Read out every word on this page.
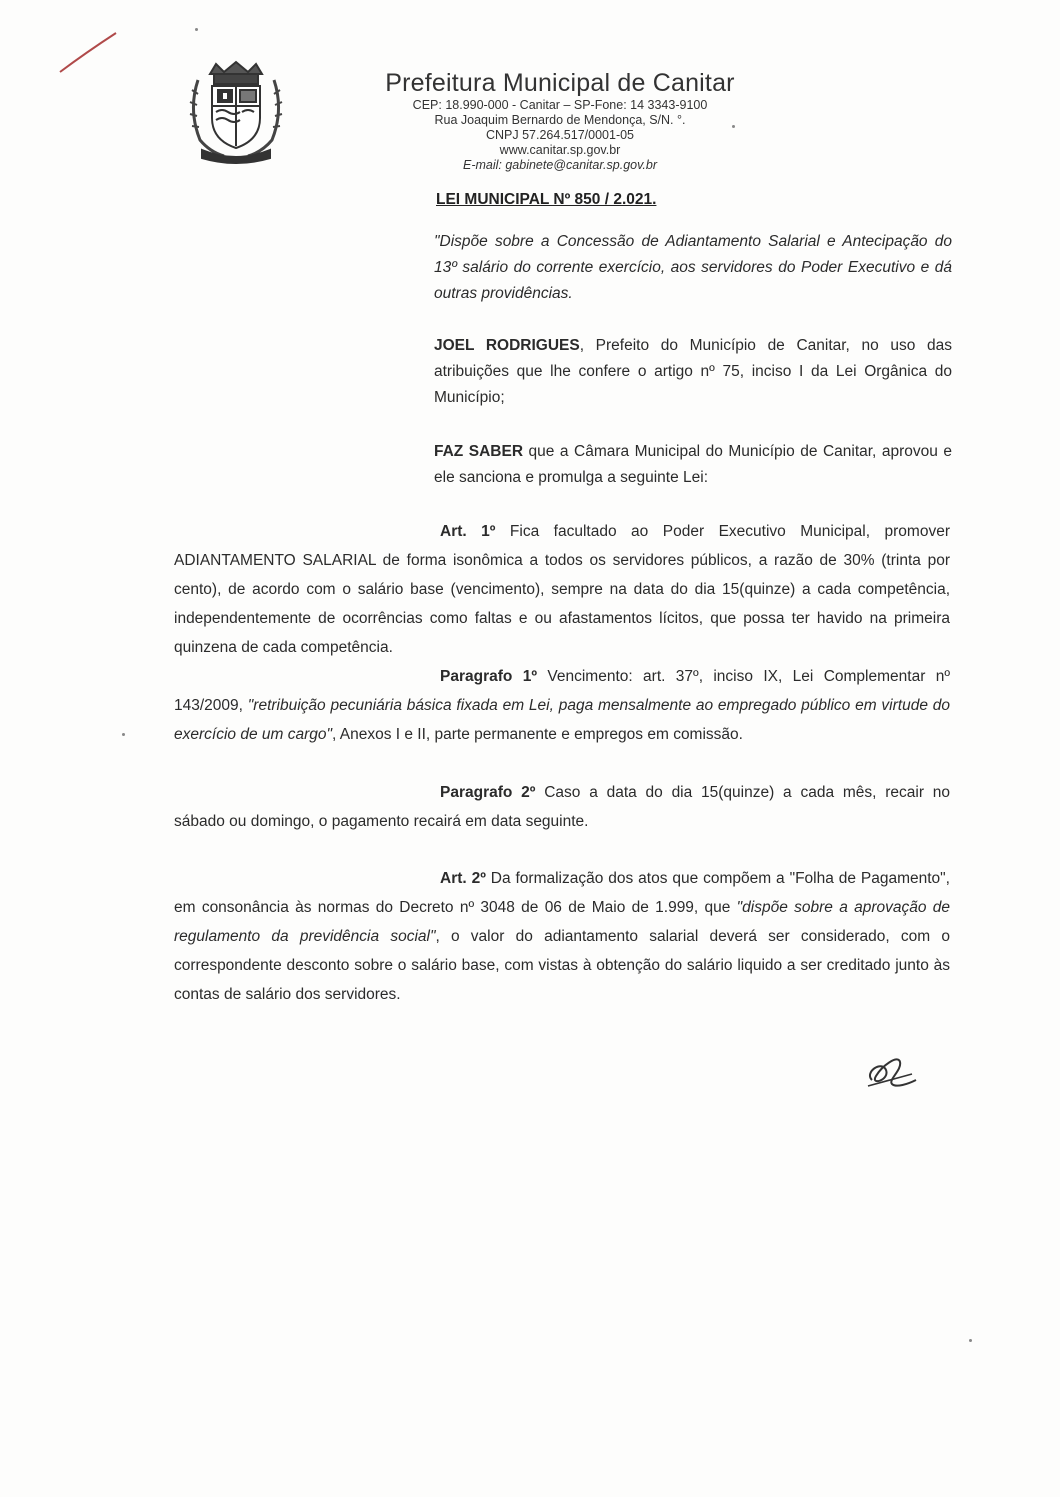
Prefeitura Municipal de Canitar
CEP: 18.990-000 - Canitar – SP-Fone: 14 3343-9100
Rua Joaquim Bernardo de Mendonça, S/N. °.
CNPJ 57.264.517/0001-05
www.canitar.sp.gov.br
E-mail: gabinete@canitar.sp.gov.br
LEI MUNICIPAL Nº 850 / 2.021.
"Dispõe sobre a Concessão de Adiantamento Salarial e Antecipação do 13º salário do corrente exercício, aos servidores do Poder Executivo e dá outras providências.
JOEL RODRIGUES, Prefeito do Município de Canitar, no uso das atribuições que lhe confere o artigo nº 75, inciso I da Lei Orgânica do Município;
FAZ SABER que a Câmara Municipal do Município de Canitar, aprovou e ele sanciona e promulga a seguinte Lei:
Art. 1º Fica facultado ao Poder Executivo Municipal, promover ADIANTAMENTO SALARIAL de forma isonômica a todos os servidores públicos, a razão de 30% (trinta por cento), de acordo com o salário base (vencimento), sempre na data do dia 15(quinze) a cada competência, independentemente de ocorrências como faltas e ou afastamentos lícitos, que possa ter havido na primeira quinzena de cada competência.
Paragrafo 1º Vencimento: art. 37º, inciso IX, Lei Complementar nº 143/2009, "retribuição pecuniária básica fixada em Lei, paga mensalmente ao empregado público em virtude do exercício de um cargo", Anexos I e II, parte permanente e empregos em comissão.
Paragrafo 2º Caso a data do dia 15(quinze) a cada mês, recair no sábado ou domingo, o pagamento recairá em data seguinte.
Art. 2º Da formalização dos atos que compõem a "Folha de Pagamento", em consonância às normas do Decreto nº 3048 de 06 de Maio de 1.999, que "dispõe sobre a aprovação de regulamento da previdência social", o valor do adiantamento salarial deverá ser considerado, com o correspondente desconto sobre o salário base, com vistas à obtenção do salário liquido a ser creditado junto às contas de salário dos servidores.
